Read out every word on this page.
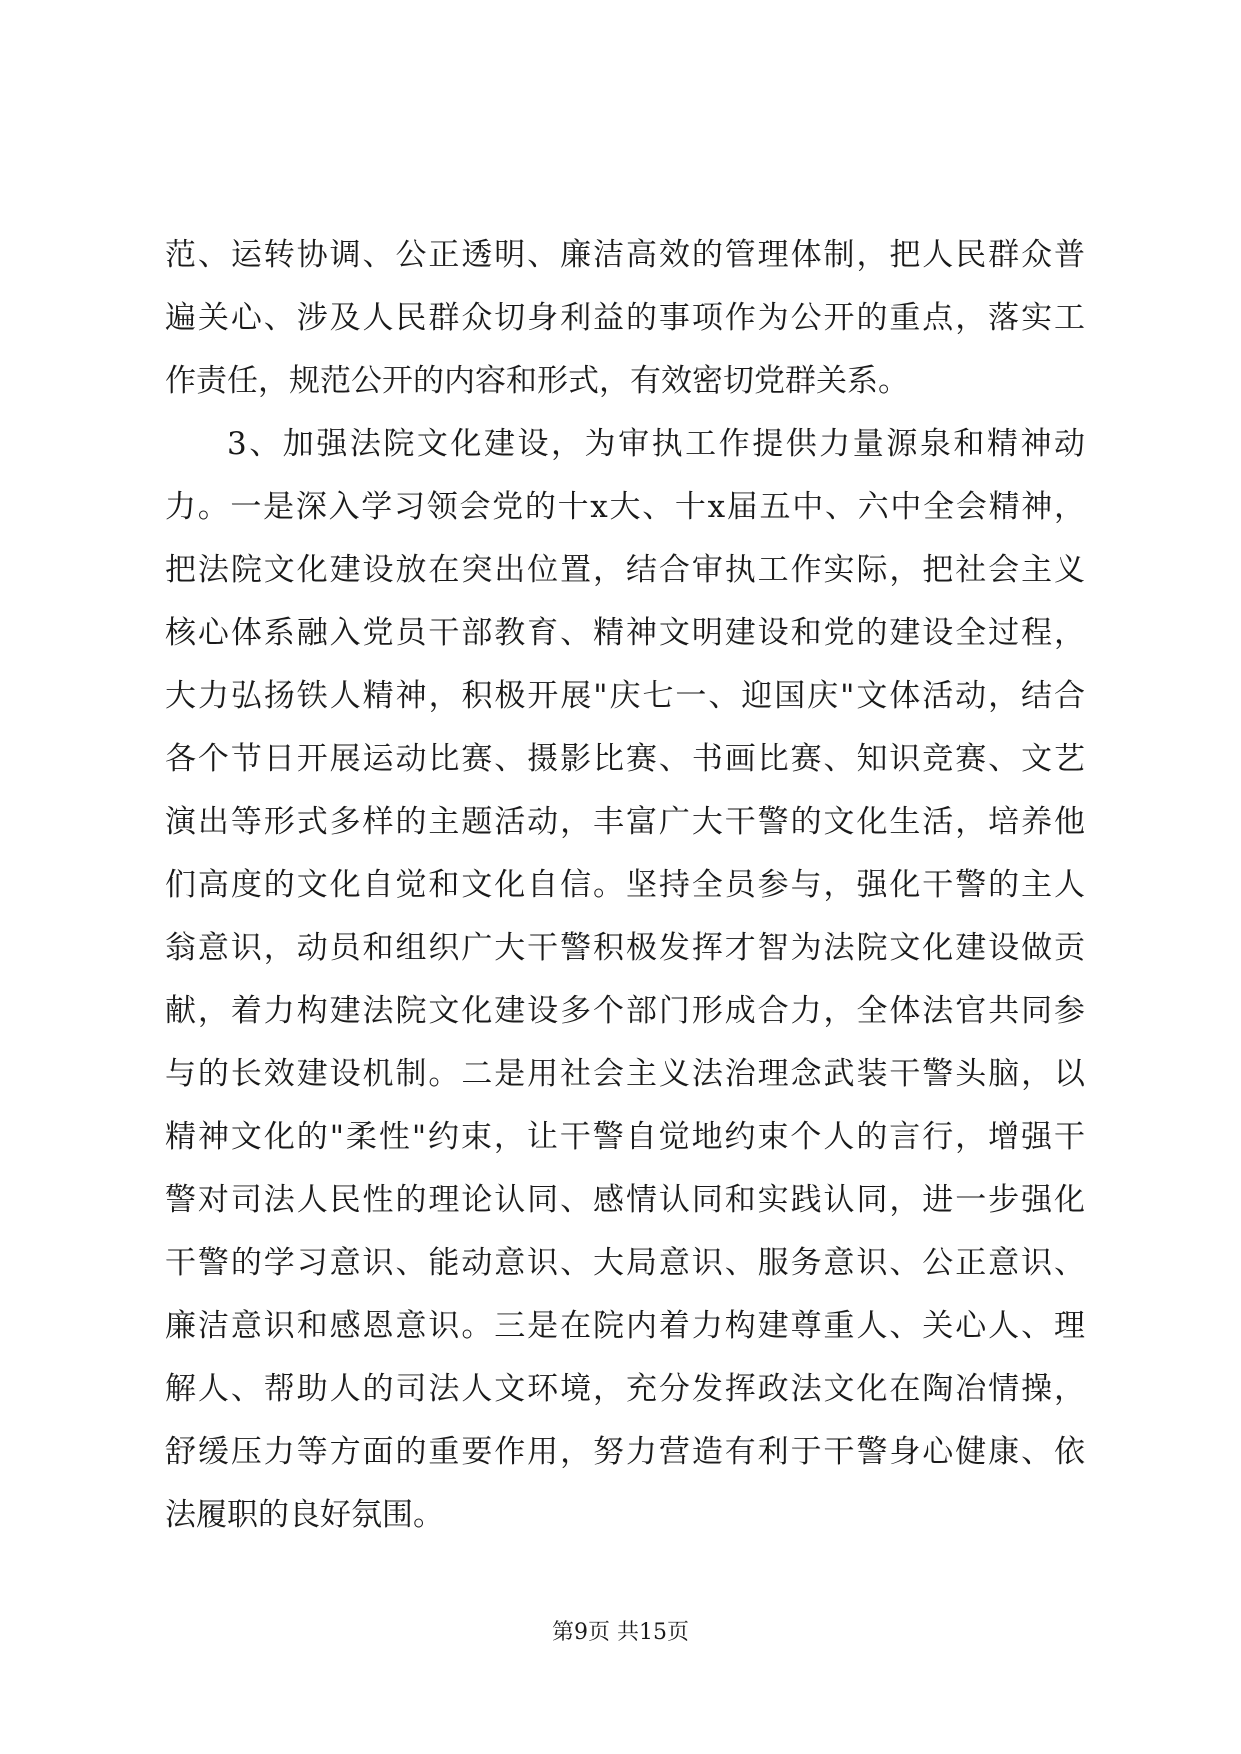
范、运转协调、公正透明、廉洁高效的管理体制，把人民群众普
遍关心、涉及人民群众切身利益的事项作为公开的重点，落实工
作责任，规范公开的内容和形式，有效密切党群关系。
3、加强法院文化建设，为审执工作提供力量源泉和精神动
力。一是深入学习领会党的十x大、十x届五中、六中全会精神，
把法院文化建设放在突出位置，结合审执工作实际，把社会主义
核心体系融入党员干部教育、精神文明建设和党的建设全过程，
大力弘扬铁人精神，积极开展"庆七一、迎国庆"文体活动，结合
各个节日开展运动比赛、摄影比赛、书画比赛、知识竞赛、文艺
演出等形式多样的主题活动，丰富广大干警的文化生活，培养他
们高度的文化自觉和文化自信。坚持全员参与，强化干警的主人
翁意识，动员和组织广大干警积极发挥才智为法院文化建设做贡
献，着力构建法院文化建设多个部门形成合力，全体法官共同参
与的长效建设机制。二是用社会主义法治理念武装干警头脑，以
精神文化的"柔性"约束，让干警自觉地约束个人的言行，增强干
警对司法人民性的理论认同、感情认同和实践认同，进一步强化
干警的学习意识、能动意识、大局意识、服务意识、公正意识、
廉洁意识和感恩意识。三是在院内着力构建尊重人、关心人、理
解人、帮助人的司法人文环境，充分发挥政法文化在陶冶情操，
舒缓压力等方面的重要作用，努力营造有利于干警身心健康、依
法履职的良好氛围。
第9页 共15页
